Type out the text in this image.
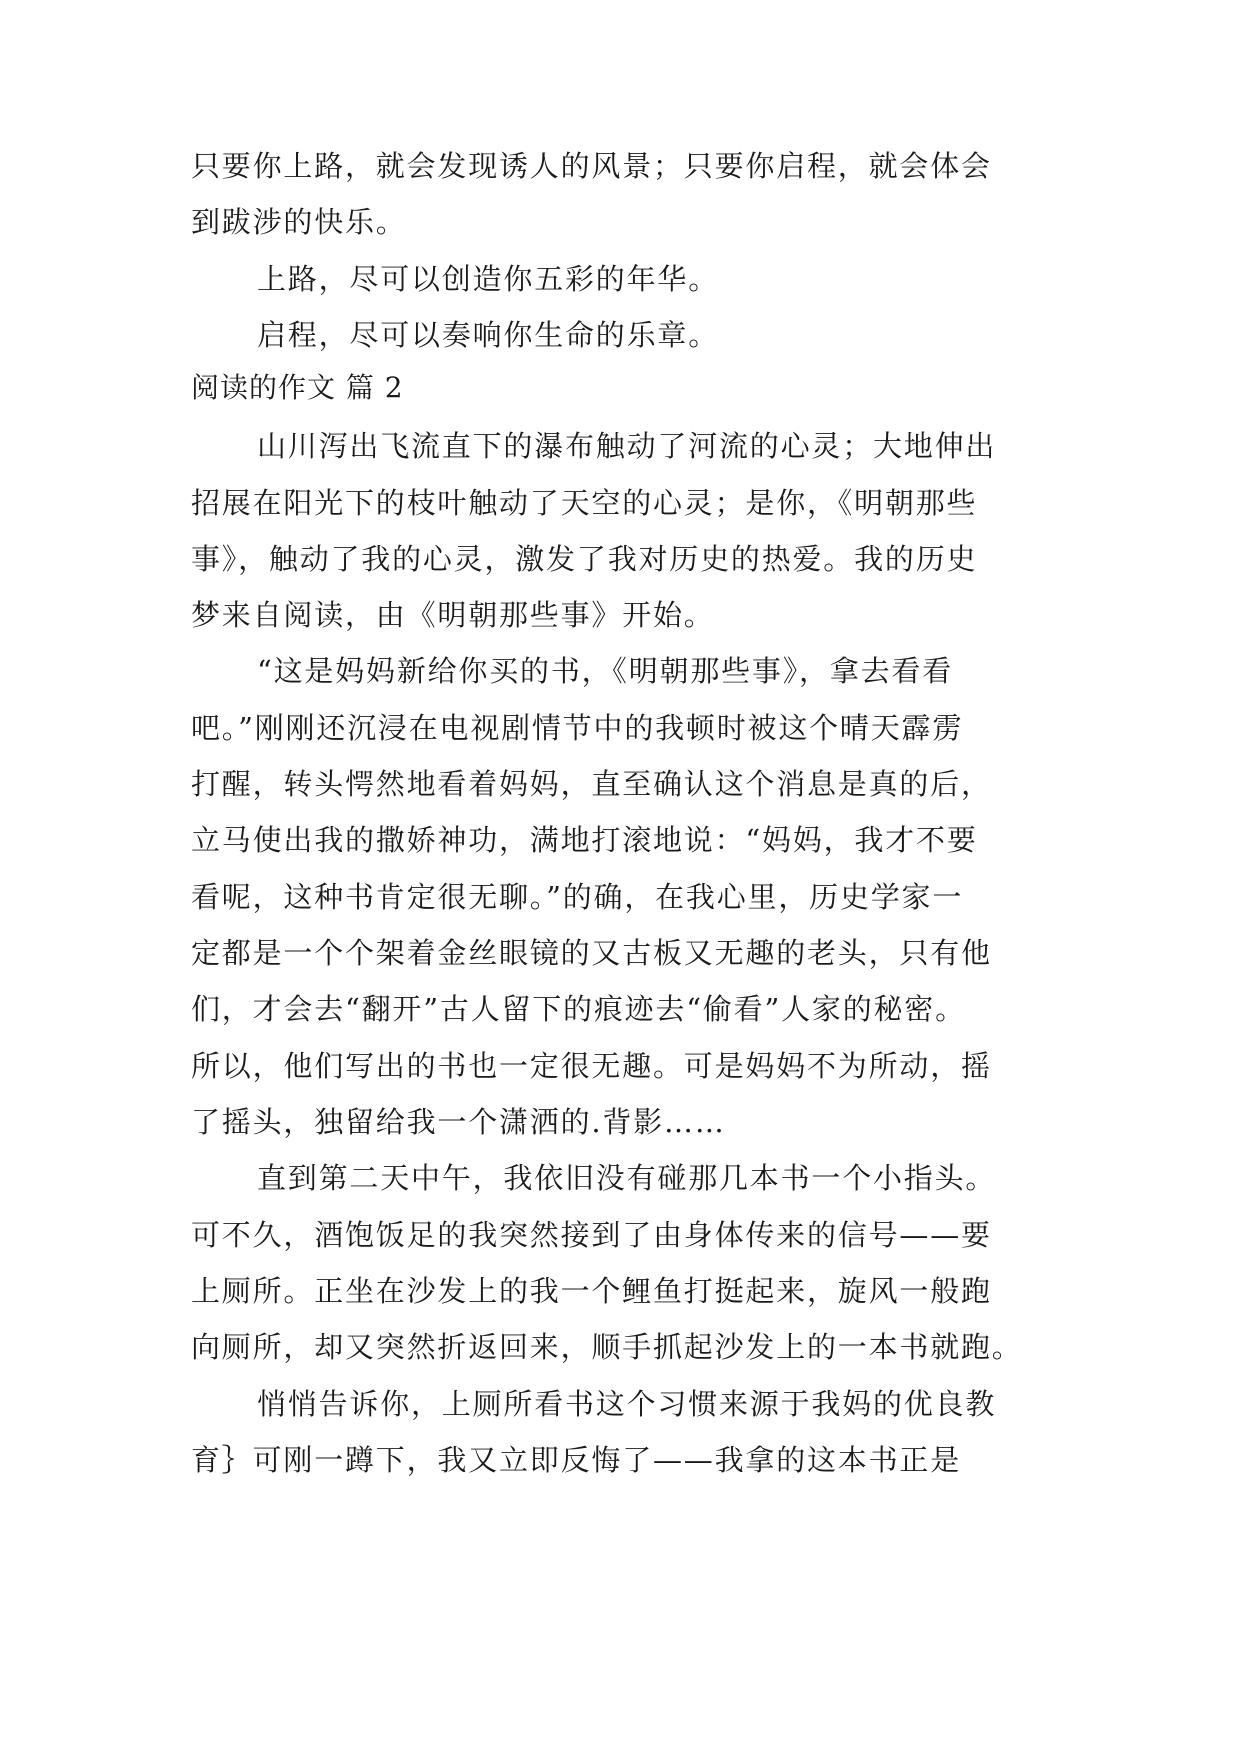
只要你上路，就会发现诱人的风景；只要你启程，就会体会
到跋涉的快乐。
上路，尽可以创造你五彩的年华。
启程，尽可以奏响你生命的乐章。
阅读的作文 篇 2
山川泻出飞流直下的瀑布触动了河流的心灵；大地伸出
招展在阳光下的枝叶触动了天空的心灵；是你，《明朝那些
事》，触动了我的心灵，激发了我对历史的热爱。我的历史
梦来自阅读，由《明朝那些事》开始。
“这是妈妈新给你买的书，《明朝那些事》，拿去看看
吧。”刚刚还沉浸在电视剧情节中的我顿时被这个晴天霹雳
打醒，转头愕然地看着妈妈，直至确认这个消息是真的后，
立马使出我的撒娇神功，满地打滚地说：“妈妈，我才不要
看呢，这种书肯定很无聊。”的确，在我心里，历史学家一
定都是一个个架着金丝眼镜的又古板又无趣的老头，只有他
们，才会去“翻开”古人留下的痕迹去“偷看”人家的秘密。
所以，他们写出的书也一定很无趣。可是妈妈不为所动，摇
了摇头，独留给我一个潇洒的.背影……
直到第二天中午，我依旧没有碰那几本书一个小指头。
可不久，酒饱饭足的我突然接到了由身体传来的信号——要
上厕所。正坐在沙发上的我一个鲤鱼打挺起来，旋风一般跑
向厕所，却又突然折返回来，顺手抓起沙发上的一本书就跑。
悄悄告诉你，上厕所看书这个习惯来源于我妈的优良教
育｝可刚一蹲下，我又立即反悔了——我拿的这本书正是
